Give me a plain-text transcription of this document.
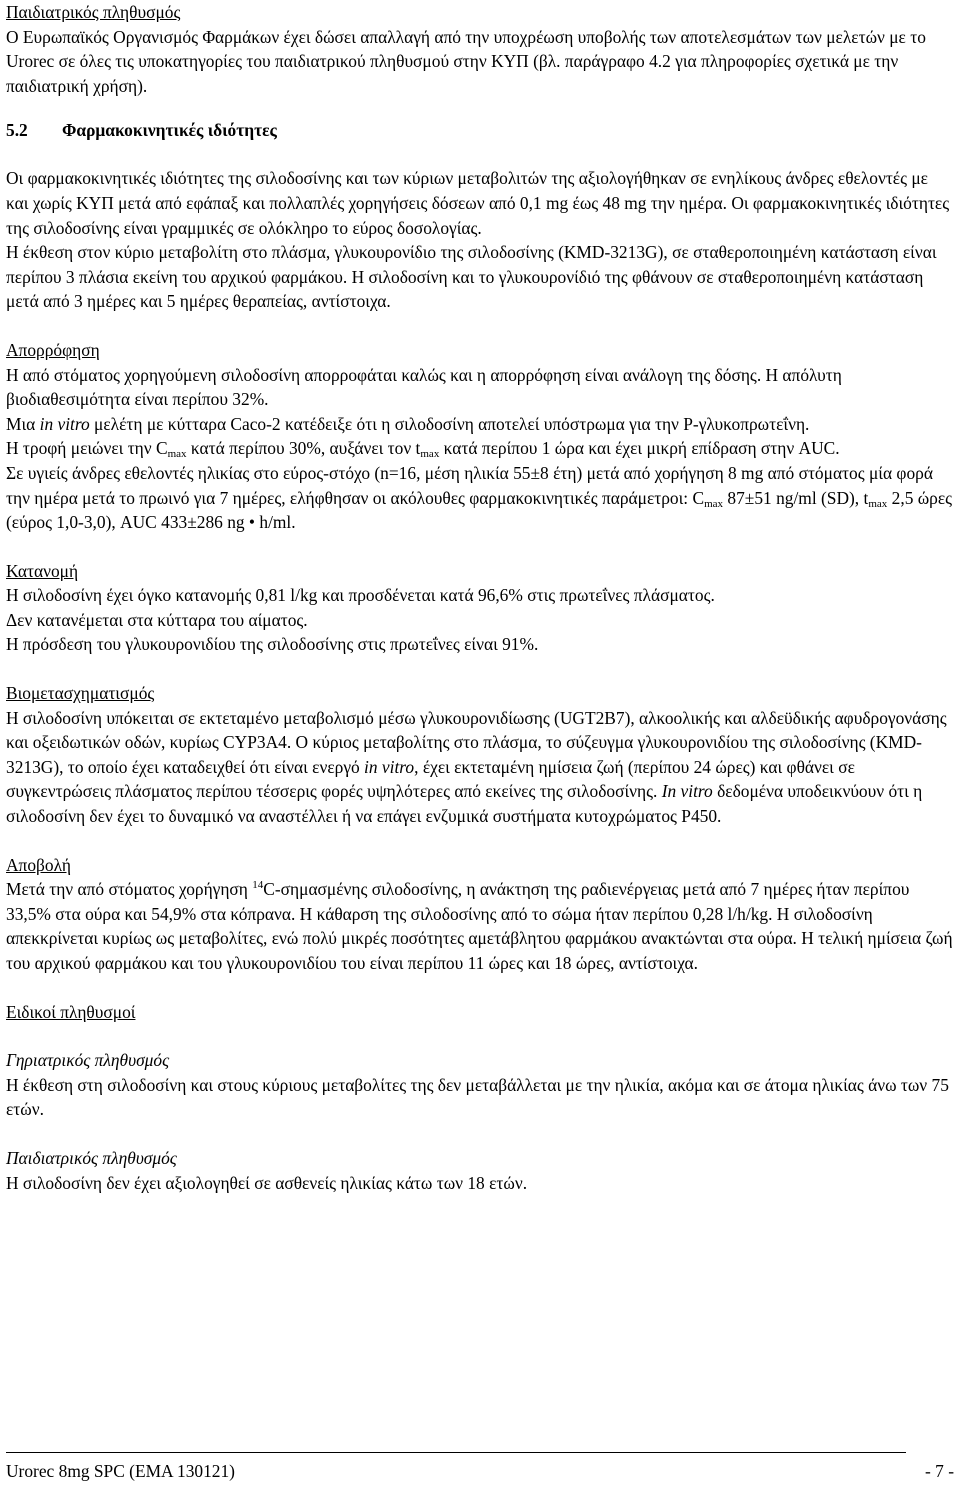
Παιδιατρικός πληθυσμός

Ο Ευρωπαϊκός Οργανισμός Φαρμάκων έχει δώσει απαλλαγή από την υποχρέωση υποβολής των αποτελεσμάτων των μελετών με το Urorec σε όλες τις υποκατηγορίες του παιδιατρικού πληθυσμού στην ΚΥΠ (βλ. παράγραφο 4.2 για πληροφορίες σχετικά με την παιδιατρική χρήση).

5.2 Φαρμακοκινητικές ιδιότητες

Οι φαρμακοκινητικές ιδιότητες της σιλοδοσίνης και των κύριων μεταβολιτών της αξιολογήθηκαν σε ενηλίκους άνδρες εθελοντές με και χωρίς ΚΥΠ μετά από εφάπαξ και πολλαπλές χορηγήσεις δόσεων από 0,1 mg έως 48 mg την ημέρα. Οι φαρμακοκινητικές ιδιότητες της σιλοδοσίνης είναι γραμμικές σε ολόκληρο το εύρος δοσολογίας.

Η έκθεση στον κύριο μεταβολίτη στο πλάσμα, γλυκουρονίδιο της σιλοδοσίνης (KMD-3213G), σε σταθεροποιημένη κατάσταση είναι περίπου 3 πλάσια εκείνη του αρχικού φαρμάκου. Η σιλοδοσίνη και το γλυκουρονίδιό της φθάνουν σε σταθεροποιημένη κατάσταση μετά από 3 ημέρες και 5 ημέρες θεραπείας, αντίστοιχα.

Απορρόφηση

Η από στόματος χορηγούμενη σιλοδοσίνη απορροφάται καλώς και η απορρόφηση είναι ανάλογη της δόσης. Η απόλυτη βιοδιαθεσιμότητα είναι περίπου 32%.

Μια in vitro μελέτη με κύτταρα Caco-2 κατέδειξε ότι η σιλοδοσίνη αποτελεί υπόστρωμα για την P-γλυκοπρωτεΐνη.

Η τροφή μειώνει την $C_{max}$ κατά περίπου 30%, αυξάνει τον $t_{max}$ κατά περίπου 1 ώρα και έχει μικρή επίδραση στην AUC.

Σε υγιείς άνδρες εθελοντές ηλικίας στο εύρος-στόχο (n=16, μέση ηλικία 55±8 έτη) μετά από χορήγηση 8 mg από στόματος μία φορά την ημέρα μετά το πρωινό για 7 ημέρες, ελήφθησαν οι ακόλουθες φαρμακοκινητικές παράμετροι: $C_{max}$ 87±51 ng/ml (SD), $t_{max}$ 2,5 ώρες (εύρος 1,0-3,0), AUC 433±286 ng • h/ml.

Κατανομή

Η σιλοδοσίνη έχει όγκο κατανομής 0,81 l/kg και προσδένεται κατά 96,6% στις πρωτεΐνες πλάσματος.

Δεν κατανέμεται στα κύτταρα του αίματος.

Η πρόσδεση του γλυκουρονιδίου της σιλοδοσίνης στις πρωτεΐνες είναι 91%.

Βιομετασχηματισμός

Η σιλοδοσίνη υπόκειται σε εκτεταμένο μεταβολισμό μέσω γλυκουρονιδίωσης (UGT2B7), αλκοολικής και αλδεϋδικής αφυδρογονάσης και οξειδωτικών οδών, κυρίως CYP3A4. Ο κύριος μεταβολίτης στο πλάσμα, το σύζευγμα γλυκουρονιδίου της σιλοδοσίνης (KMD-3213G), το οποίο έχει καταδειχθεί ότι είναι ενεργό in vitro, έχει εκτεταμένη ημίσεια ζωή (περίπου 24 ώρες) και φθάνει σε συγκεντρώσεις πλάσματος περίπου τέσσερις φορές υψηλότερες από εκείνες της σιλοδοσίνης. In vitro δεδομένα υποδεικνύουν ότι η σιλοδοσίνη δεν έχει το δυναμικό να αναστέλλει ή να επάγει ενζυμικά συστήματα κυτοχρώματος P450.

Αποβολή

Μετά την από στόματος χορήγηση $^{14}$C-σημασμένης σιλοδοσίνης, η ανάκτηση της ραδιενέργειας μετά από 7 ημέρες ήταν περίπου 33,5% στα ούρα και 54,9% στα κόπρανα. Η κάθαρση της σιλοδοσίνης από το σώμα ήταν περίπου 0,28 l/h/kg. Η σιλοδοσίνη απεκκρίνεται κυρίως ως μεταβολίτες, ενώ πολύ μικρές ποσότητες αμετάβλητου φαρμάκου ανακτώνται στα ούρα. Η τελική ημίσεια ζωή του αρχικού φαρμάκου και του γλυκουρονιδίου του είναι περίπου 11 ώρες και 18 ώρες, αντίστοιχα.

Ειδικοί πληθυσμοί

Γηριατρικός πληθυσμός

Η έκθεση στη σιλοδοσίνη και στους κύριους μεταβολίτες της δεν μεταβάλλεται με την ηλικία, ακόμα και σε άτομα ηλικίας άνω των 75 ετών.

Παιδιατρικός πληθυσμός

Η σιλοδοσίνη δεν έχει αξιολογηθεί σε ασθενείς ηλικίας κάτω των 18 ετών.

Urorec 8mg SPC (EMA 130121)	- 7 -
